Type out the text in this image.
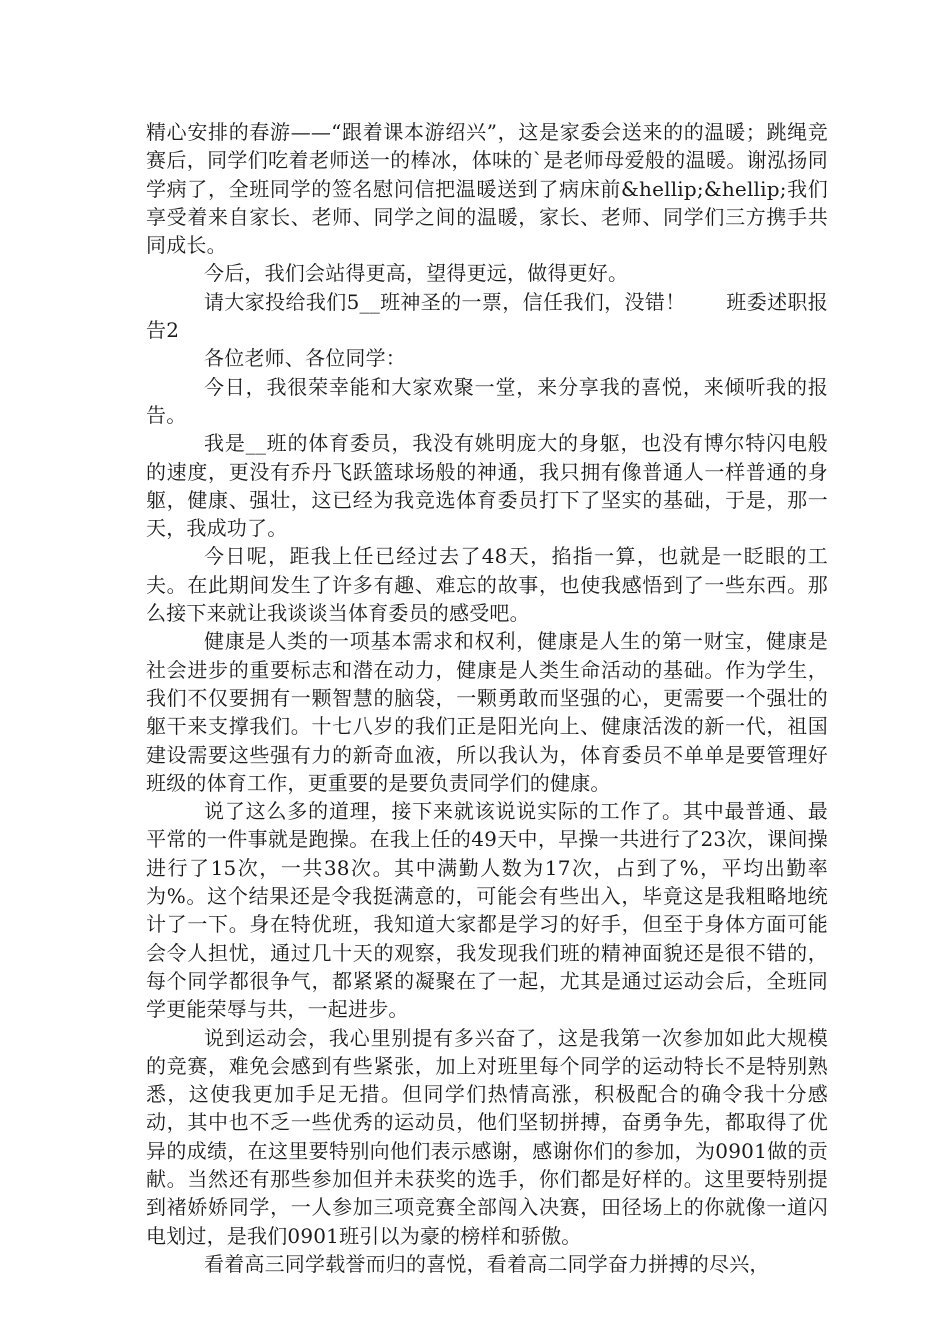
精心安排的春游——“跟着课本游绍兴”，这是家委会送来的的温暖；跳绳竞赛后，同学们吃着老师送一的棒冰，体味的`是老师母爱般的温暖。谢泓扬同学病了，全班同学的签名慰问信把温暖送到了病床前&hellip;&hellip;我们享受着来自家长、老师、同学之间的温暖，家长、老师、同学们三方携手共同成长。

今后，我们会站得更高，望得更远，做得更好。

请大家投给我们5__班神圣的一票，信任我们，没错！　　班委述职报告2

各位老师、各位同学：

今日，我很荣幸能和大家欢聚一堂，来分享我的喜悦，来倾听我的报告。

我是__班的体育委员，我没有姚明庞大的身躯，也没有博尔特闪电般的速度，更没有乔丹飞跃篮球场般的神通，我只拥有像普通人一样普通的身躯，健康、强壮，这已经为我竞选体育委员打下了坚实的基础，于是，那一天，我成功了。

今日呢，距我上任已经过去了48天，掐指一算，也就是一眨眼的工夫。在此期间发生了许多有趣、难忘的故事，也使我感悟到了一些东西。那么接下来就让我谈谈当体育委员的感受吧。

健康是人类的一项基本需求和权利，健康是人生的第一财宝，健康是社会进步的重要标志和潜在动力，健康是人类生命活动的基础。作为学生，我们不仅要拥有一颗智慧的脑袋，一颗勇敢而坚强的心，更需要一个强壮的躯干来支撑我们。十七八岁的我们正是阳光向上、健康活泼的新一代，祖国建设需要这些强有力的新奇血液，所以我认为，体育委员不单单是要管理好班级的体育工作，更重要的是要负责同学们的健康。

说了这么多的道理，接下来就该说说实际的工作了。其中最普通、最平常的一件事就是跑操。在我上任的49天中，早操一共进行了23次，课间操进行了15次，一共38次。其中满勤人数为17次，占到了%，平均出勤率为%。这个结果还是令我挺满意的，可能会有些出入，毕竟这是我粗略地统计了一下。身在特优班，我知道大家都是学习的好手，但至于身体方面可能会令人担忧，通过几十天的观察，我发现我们班的精神面貌还是很不错的，每个同学都很争气，都紧紧的凝聚在了一起，尤其是通过运动会后，全班同学更能荣辱与共，一起进步。

说到运动会，我心里别提有多兴奋了，这是我第一次参加如此大规模的竞赛，难免会感到有些紧张，加上对班里每个同学的运动特长不是特别熟悉，这使我更加手足无措。但同学们热情高涨，积极配合的确令我十分感动，其中也不乏一些优秀的运动员，他们坚韧拼搏，奋勇争先，都取得了优异的成绩，在这里要特别向他们表示感谢，感谢你们的参加，为0901做的贡献。当然还有那些参加但并未获奖的选手，你们都是好样的。这里要特别提到褚娇娇同学，一人参加三项竞赛全部闯入决赛，田径场上的你就像一道闪电划过，是我们0901班引以为豪的榜样和骄傲。

看着高三同学载誉而归的喜悦，看着高二同学奋力拼搏的尽兴，
